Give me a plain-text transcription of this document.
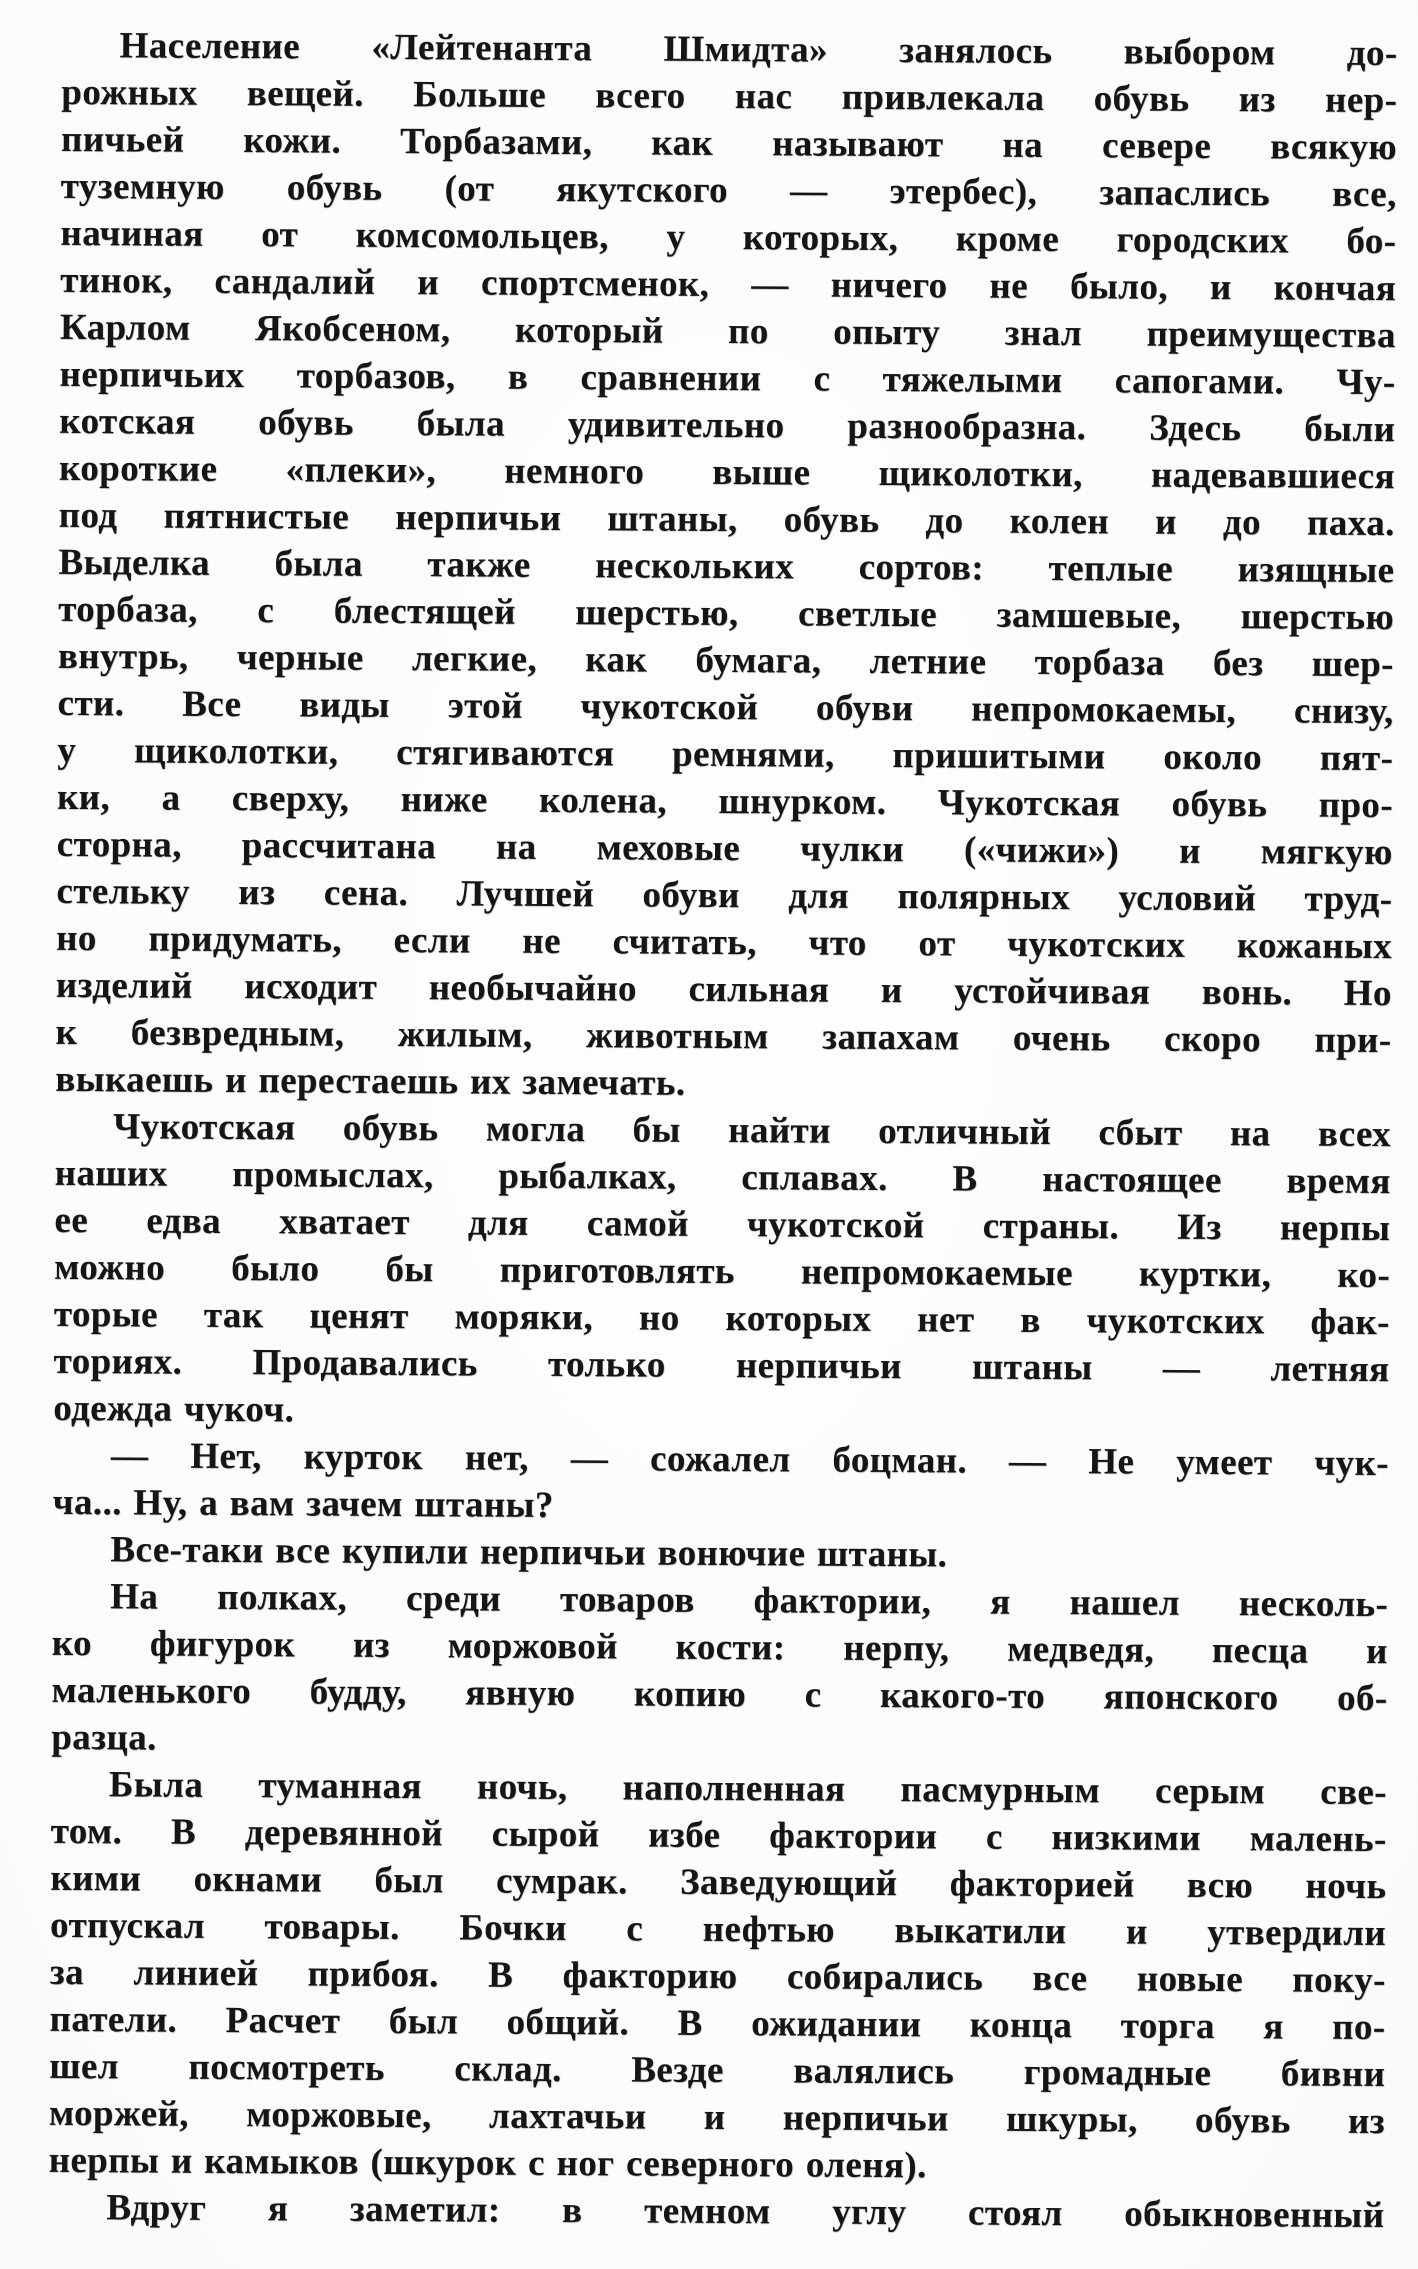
Население «Лейтенанта Шмидта» занялось выбором до-
рожных вещей. Больше всего нас привлекала обувь из нер-
пичьей кожи. Торбазами, как называют на севере всякую
туземную обувь (от якутского — этербес), запаслись все,
начиная от комсомольцев, у которых, кроме городских бо-
тинок, сандалий и спортсменок, — ничего не было, и кончая
Карлом Якобсеном, который по опыту знал преимущества
нерпичьих торбазов, в сравнении с тяжелыми сапогами. Чу-
котская обувь была удивительно разнообразна. Здесь были
короткие «плеки», немного выше щиколотки, надевавшиеся
под пятнистые нерпичьи штаны, обувь до колен и до паха.
Выделка была также нескольких сортов: теплые изящные
торбаза, с блестящей шерстью, светлые замшевые, шерстью
внутрь, черные легкие, как бумага, летние торбаза без шер-
сти. Все виды этой чукотской обуви непромокаемы, снизу,
у щиколотки, стягиваются ремнями, пришитыми около пят-
ки, а сверху, ниже колена, шнурком. Чукотская обувь про-
сторна, рассчитана на меховые чулки («чижи») и мягкую
стельку из сена. Лучшей обуви для полярных условий труд-
но придумать, если не считать, что от чукотских кожаных
изделий исходит необычайно сильная и устойчивая вонь. Но
к безвредным, жилым, животным запахам очень скоро при-
выкаешь и перестаешь их замечать.
Чукотская обувь могла бы найти отличный сбыт на всех
наших промыслах, рыбалках, сплавах. В настоящее время
ее едва хватает для самой чукотской страны. Из нерпы
можно было бы приготовлять непромокаемые куртки, ко-
торые так ценят моряки, но которых нет в чукотских фак-
ториях. Продавались только нерпичьи штаны — летняя
одежда чукоч.
— Нет, курток нет, — сожалел боцман. — Не умеет чук-
ча... Ну, а вам зачем штаны?
Все-таки все купили нерпичьи вонючие штаны.
На полках, среди товаров фактории, я нашел несколь-
ко фигурок из моржовой кости: нерпу, медведя, песца и
маленького будду, явную копию с какого-то японского об-
разца.
Была туманная ночь, наполненная пасмурным серым све-
том. В деревянной сырой избе фактории с низкими малень-
кими окнами был сумрак. Заведующий факторией всю ночь
отпускал товары. Бочки с нефтью выкатили и утвердили
за линией прибоя. В факторию собирались все новые поку-
патели. Расчет был общий. В ожидании конца торга я по-
шел посмотреть склад. Везде валялись громадные бивни
моржей, моржовые, лахтачьи и нерпичьи шкуры, обувь из
нерпы и камыков (шкурок с ног северного оленя).
Вдруг я заметил: в темном углу стоял обыкновенный
